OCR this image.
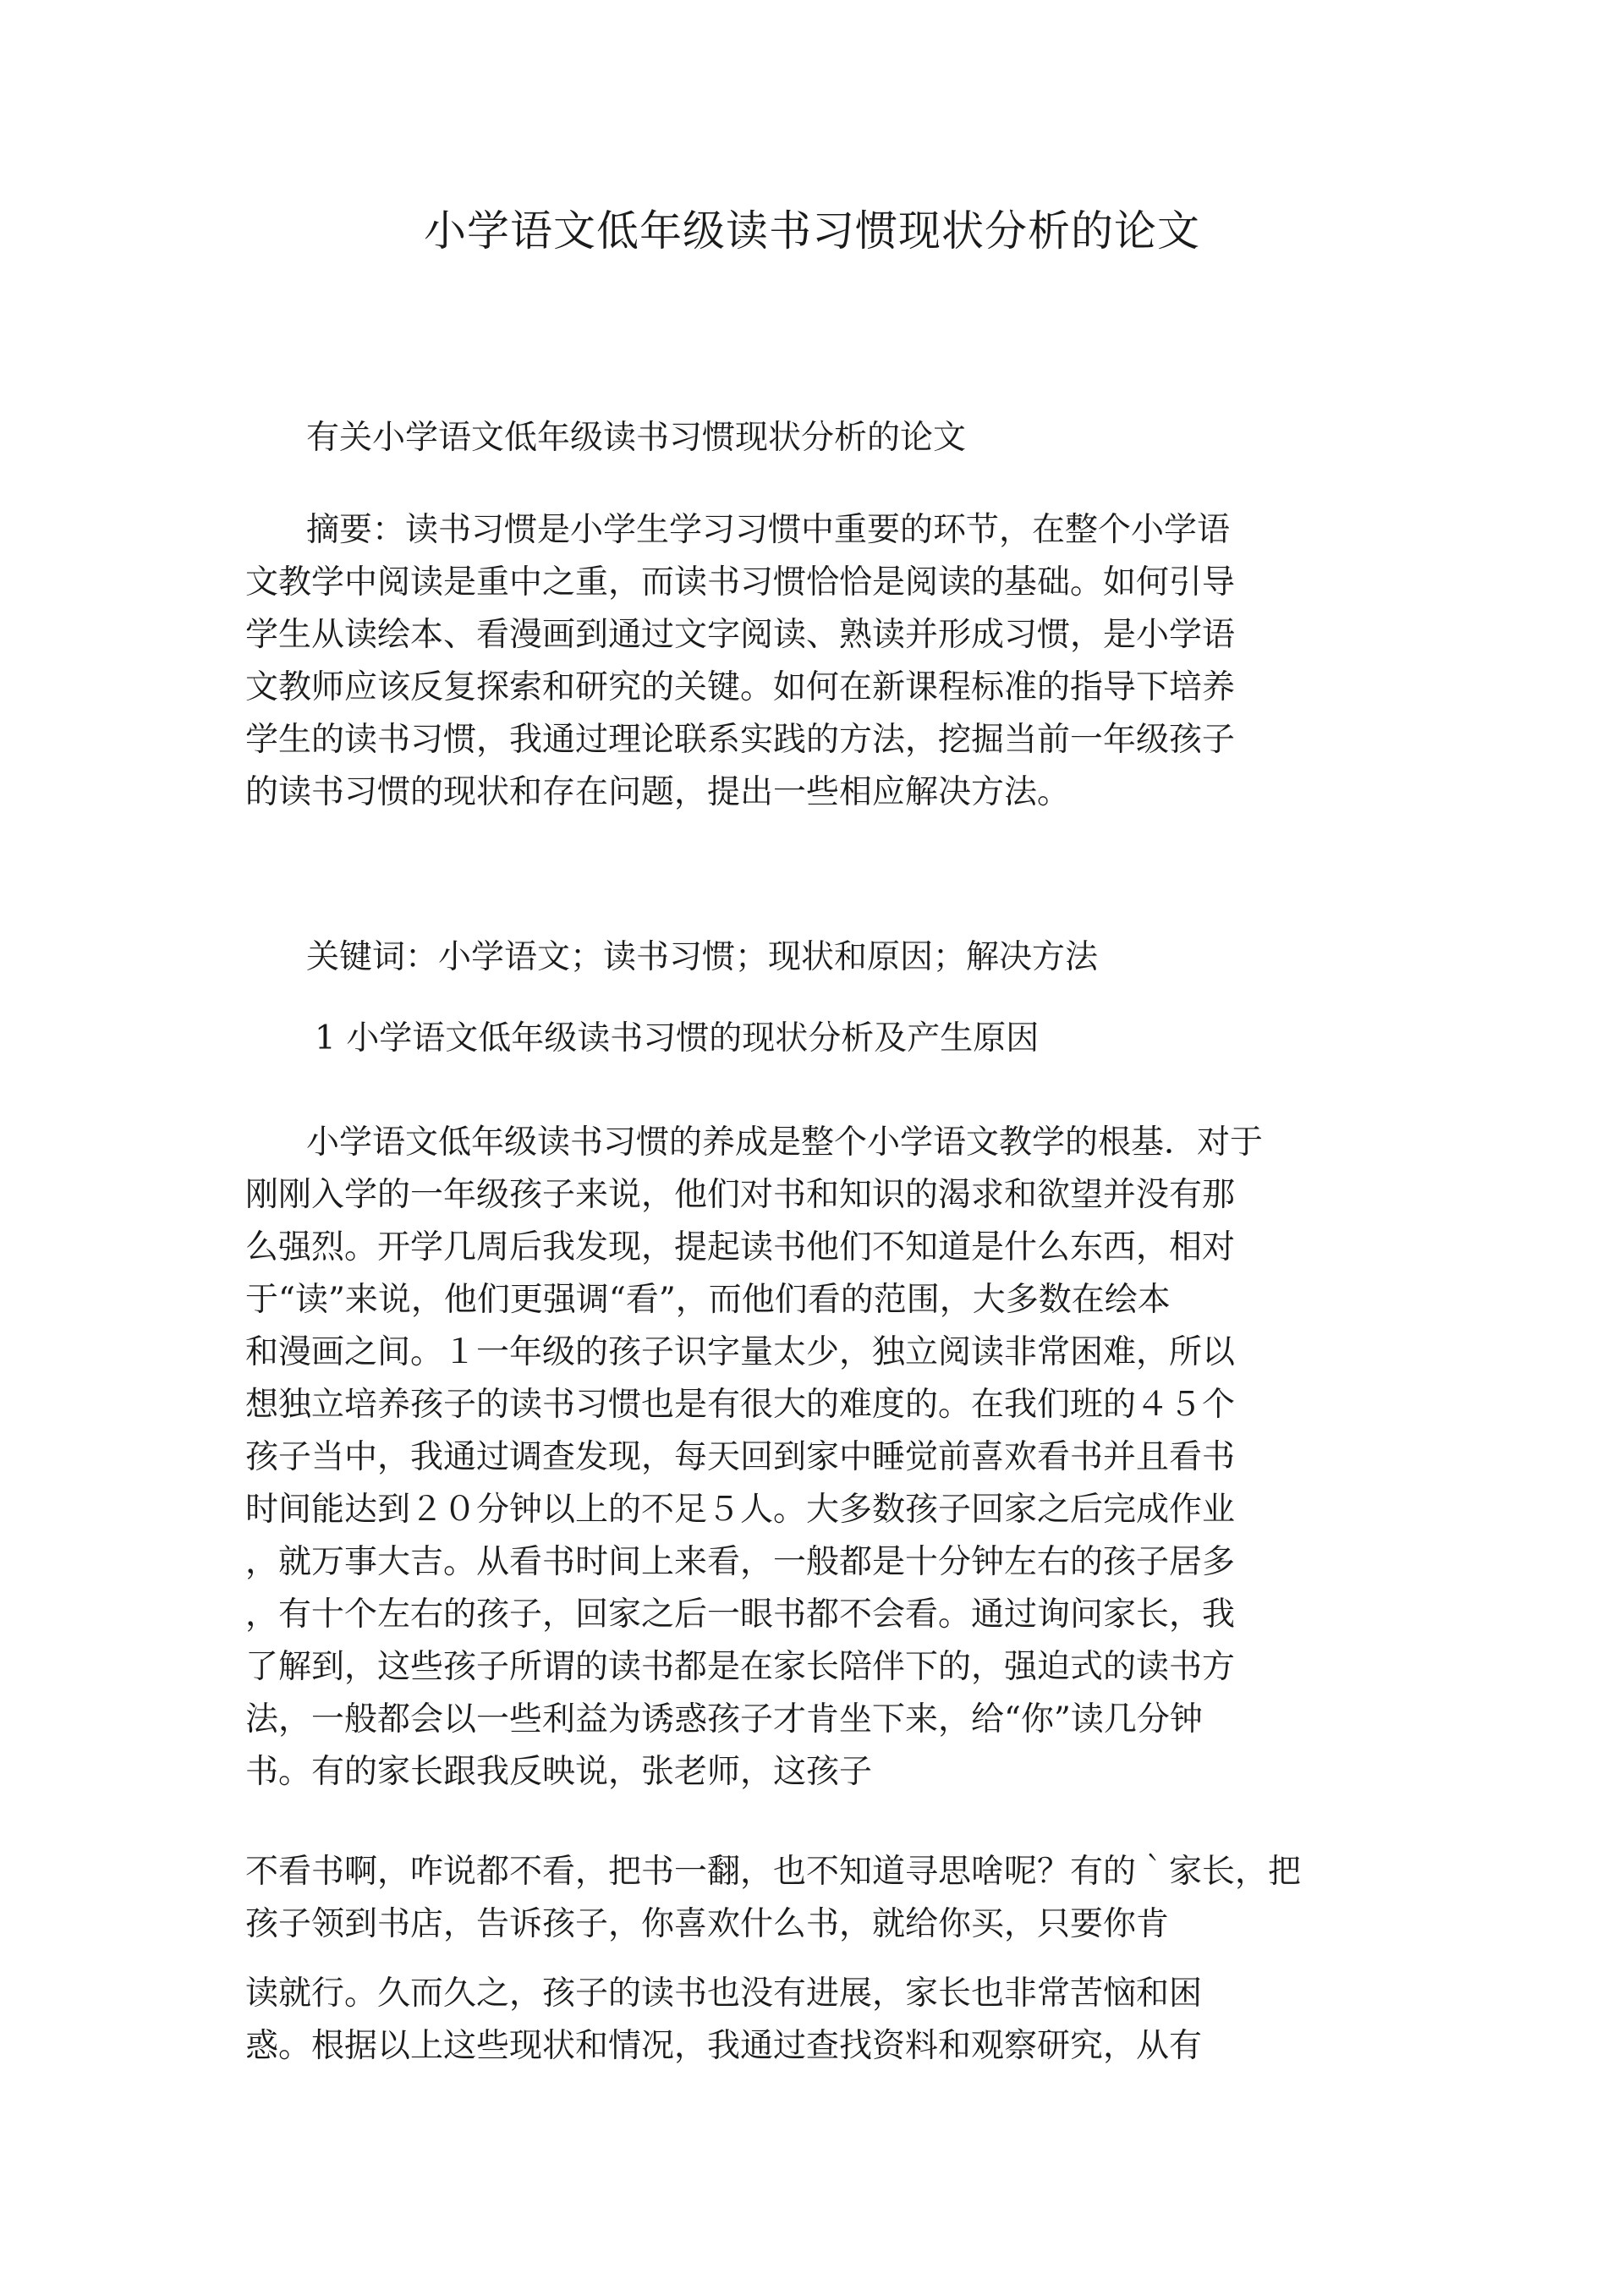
小学语文低年级读书习惯现状分析的论文
有关小学语文低年级读书习惯现状分析的论文
摘要：读书习惯是小学生学习习惯中重要的环节，在整个小学语
文教学中阅读是重中之重，而读书习惯恰恰是阅读的基础。如何引导
学生从读绘本、看漫画到通过文字阅读、熟读并形成习惯，是小学语
文教师应该反复探索和研究的关键。如何在新课程标准的指导下培养
学生的读书习惯，我通过理论联系实践的方法，挖掘当前一年级孩子
的读书习惯的现状和存在问题，提出一些相应解决方法。
关键词：小学语文；读书习惯；现状和原因；解决方法
1 小学语文低年级读书习惯的现状分析及产生原因
小学语文低年级读书习惯的养成是整个小学语文教学的根基．对于
刚刚入学的一年级孩子来说，他们对书和知识的渴求和欲望并没有那
么强烈。开学几周后我发现，提起读书他们不知道是什么东西，相对
于“读”来说，他们更强调“看”，而他们看的范围，大多数在绘本
和漫画之间。１一年级的孩子识字量太少，独立阅读非常困难，所以
想独立培养孩子的读书习惯也是有很大的难度的。在我们班的４５个
孩子当中，我通过调查发现，每天回到家中睡觉前喜欢看书并且看书
时间能达到２０分钟以上的不足５人。大多数孩子回家之后完成作业
，就万事大吉。从看书时间上来看，一般都是十分钟左右的孩子居多
，有十个左右的孩子，回家之后一眼书都不会看。通过询问家长，我
了解到，这些孩子所谓的读书都是在家长陪伴下的，强迫式的读书方
法，一般都会以一些利益为诱惑孩子才肯坐下来，给“你”读几分钟
书。有的家长跟我反映说，张老师，这孩子
不看书啊，咋说都不看，把书一翻，也不知道寻思啥呢？有的｀家长，把
孩子领到书店，告诉孩子，你喜欢什么书，就给你买，只要你肯
读就行。久而久之，孩子的读书也没有进展，家长也非常苦恼和困
惑。根据以上这些现状和情况，我通过查找资料和观察研究，从有
